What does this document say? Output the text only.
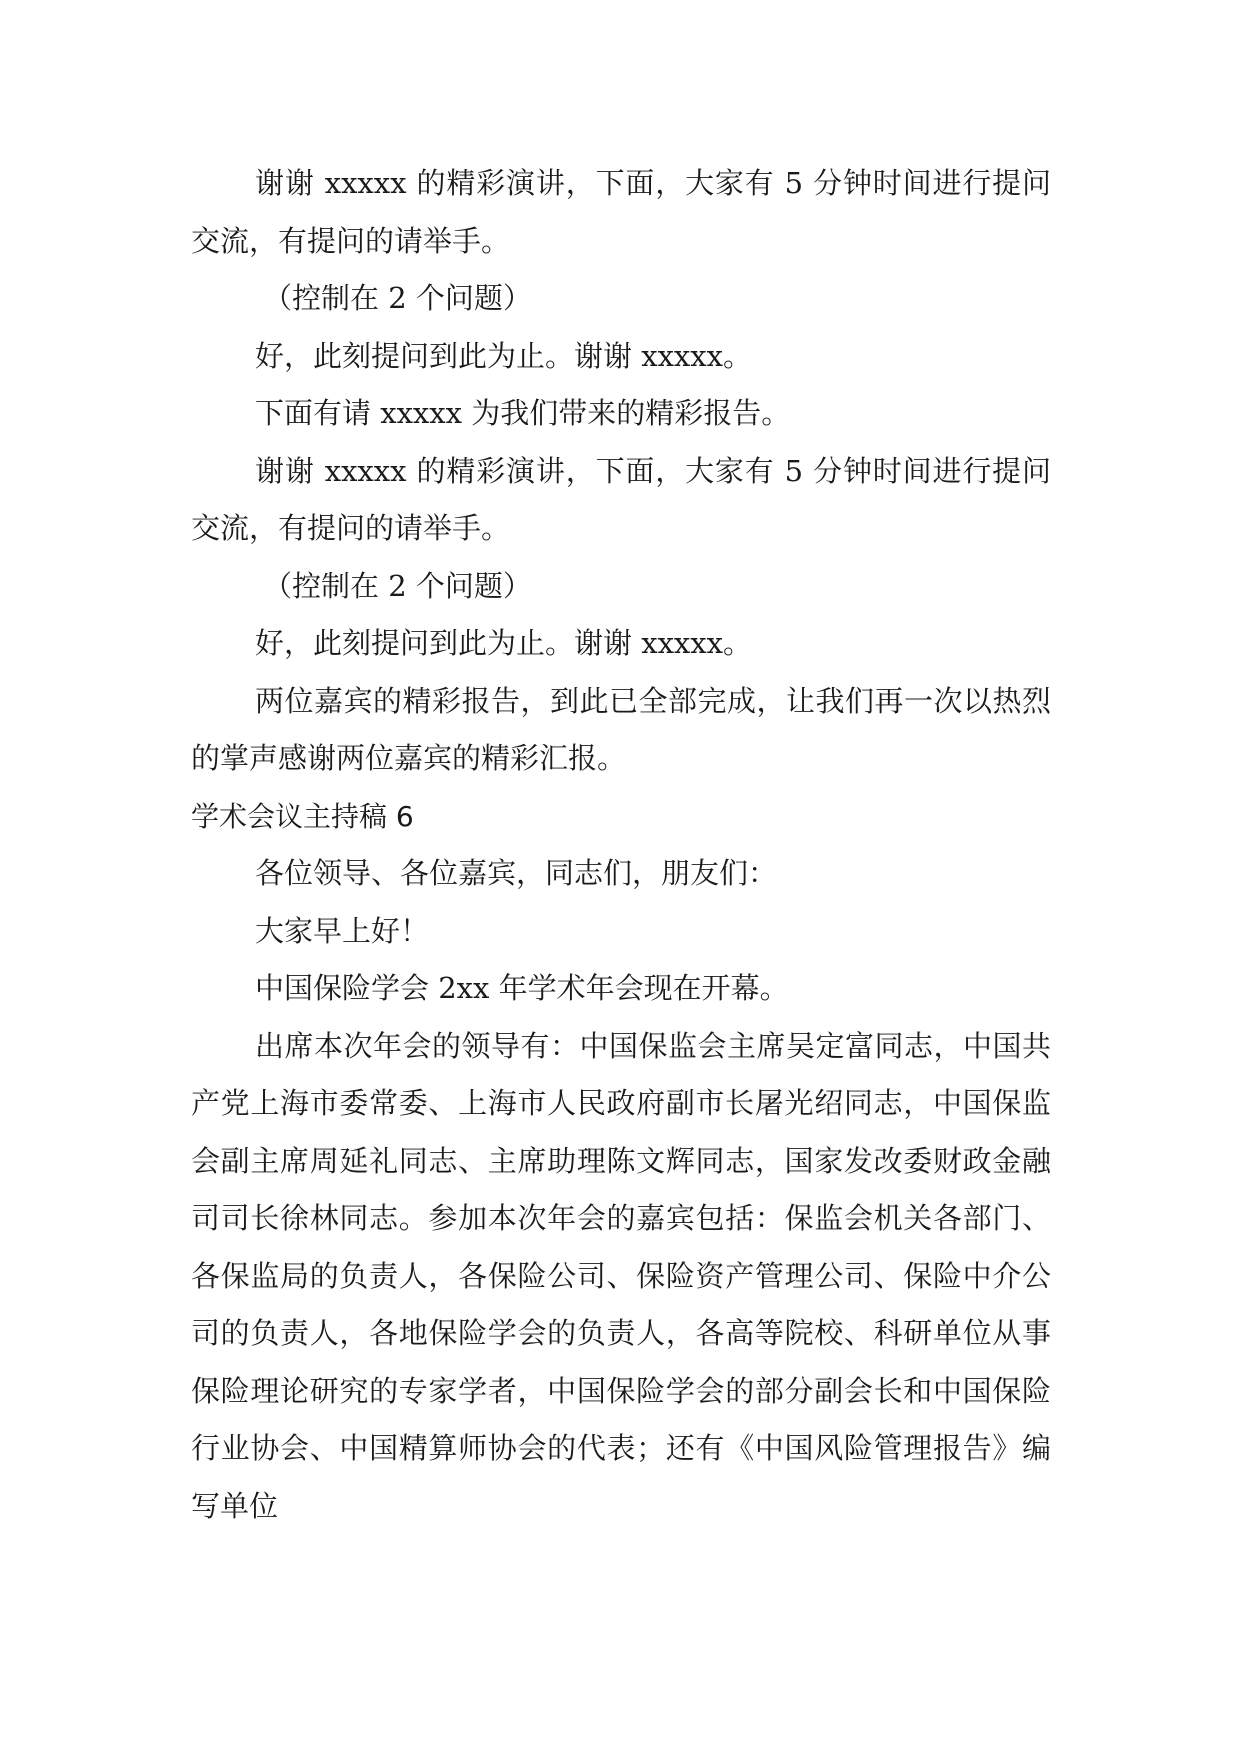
谢谢 xxxxx 的精彩演讲，下面，大家有 5 分钟时间进行提问交流，有提问的请举手。

（控制在 2 个问题）

好，此刻提问到此为止。谢谢 xxxxx。

下面有请 xxxxx 为我们带来的精彩报告。

谢谢 xxxxx 的精彩演讲，下面，大家有 5 分钟时间进行提问交流，有提问的请举手。

（控制在 2 个问题）

好，此刻提问到此为止。谢谢 xxxxx。

两位嘉宾的精彩报告，到此已全部完成，让我们再一次以热烈的掌声感谢两位嘉宾的精彩汇报。

学术会议主持稿 6

各位领导、各位嘉宾，同志们，朋友们：

大家早上好！

中国保险学会 2xx 年学术年会现在开幕。

出席本次年会的领导有：中国保监会主席吴定富同志，中国共产党上海市委常委、上海市人民政府副市长屠光绍同志，中国保监会副主席周延礼同志、主席助理陈文辉同志，国家发改委财政金融司司长徐林同志。参加本次年会的嘉宾包括：保监会机关各部门、各保监局的负责人，各保险公司、保险资产管理公司、保险中介公司的负责人，各地保险学会的负责人，各高等院校、科研单位从事保险理论研究的专家学者，中国保险学会的部分副会长和中国保险行业协会、中国精算师协会的代表；还有《中国风险管理报告》编写单位
